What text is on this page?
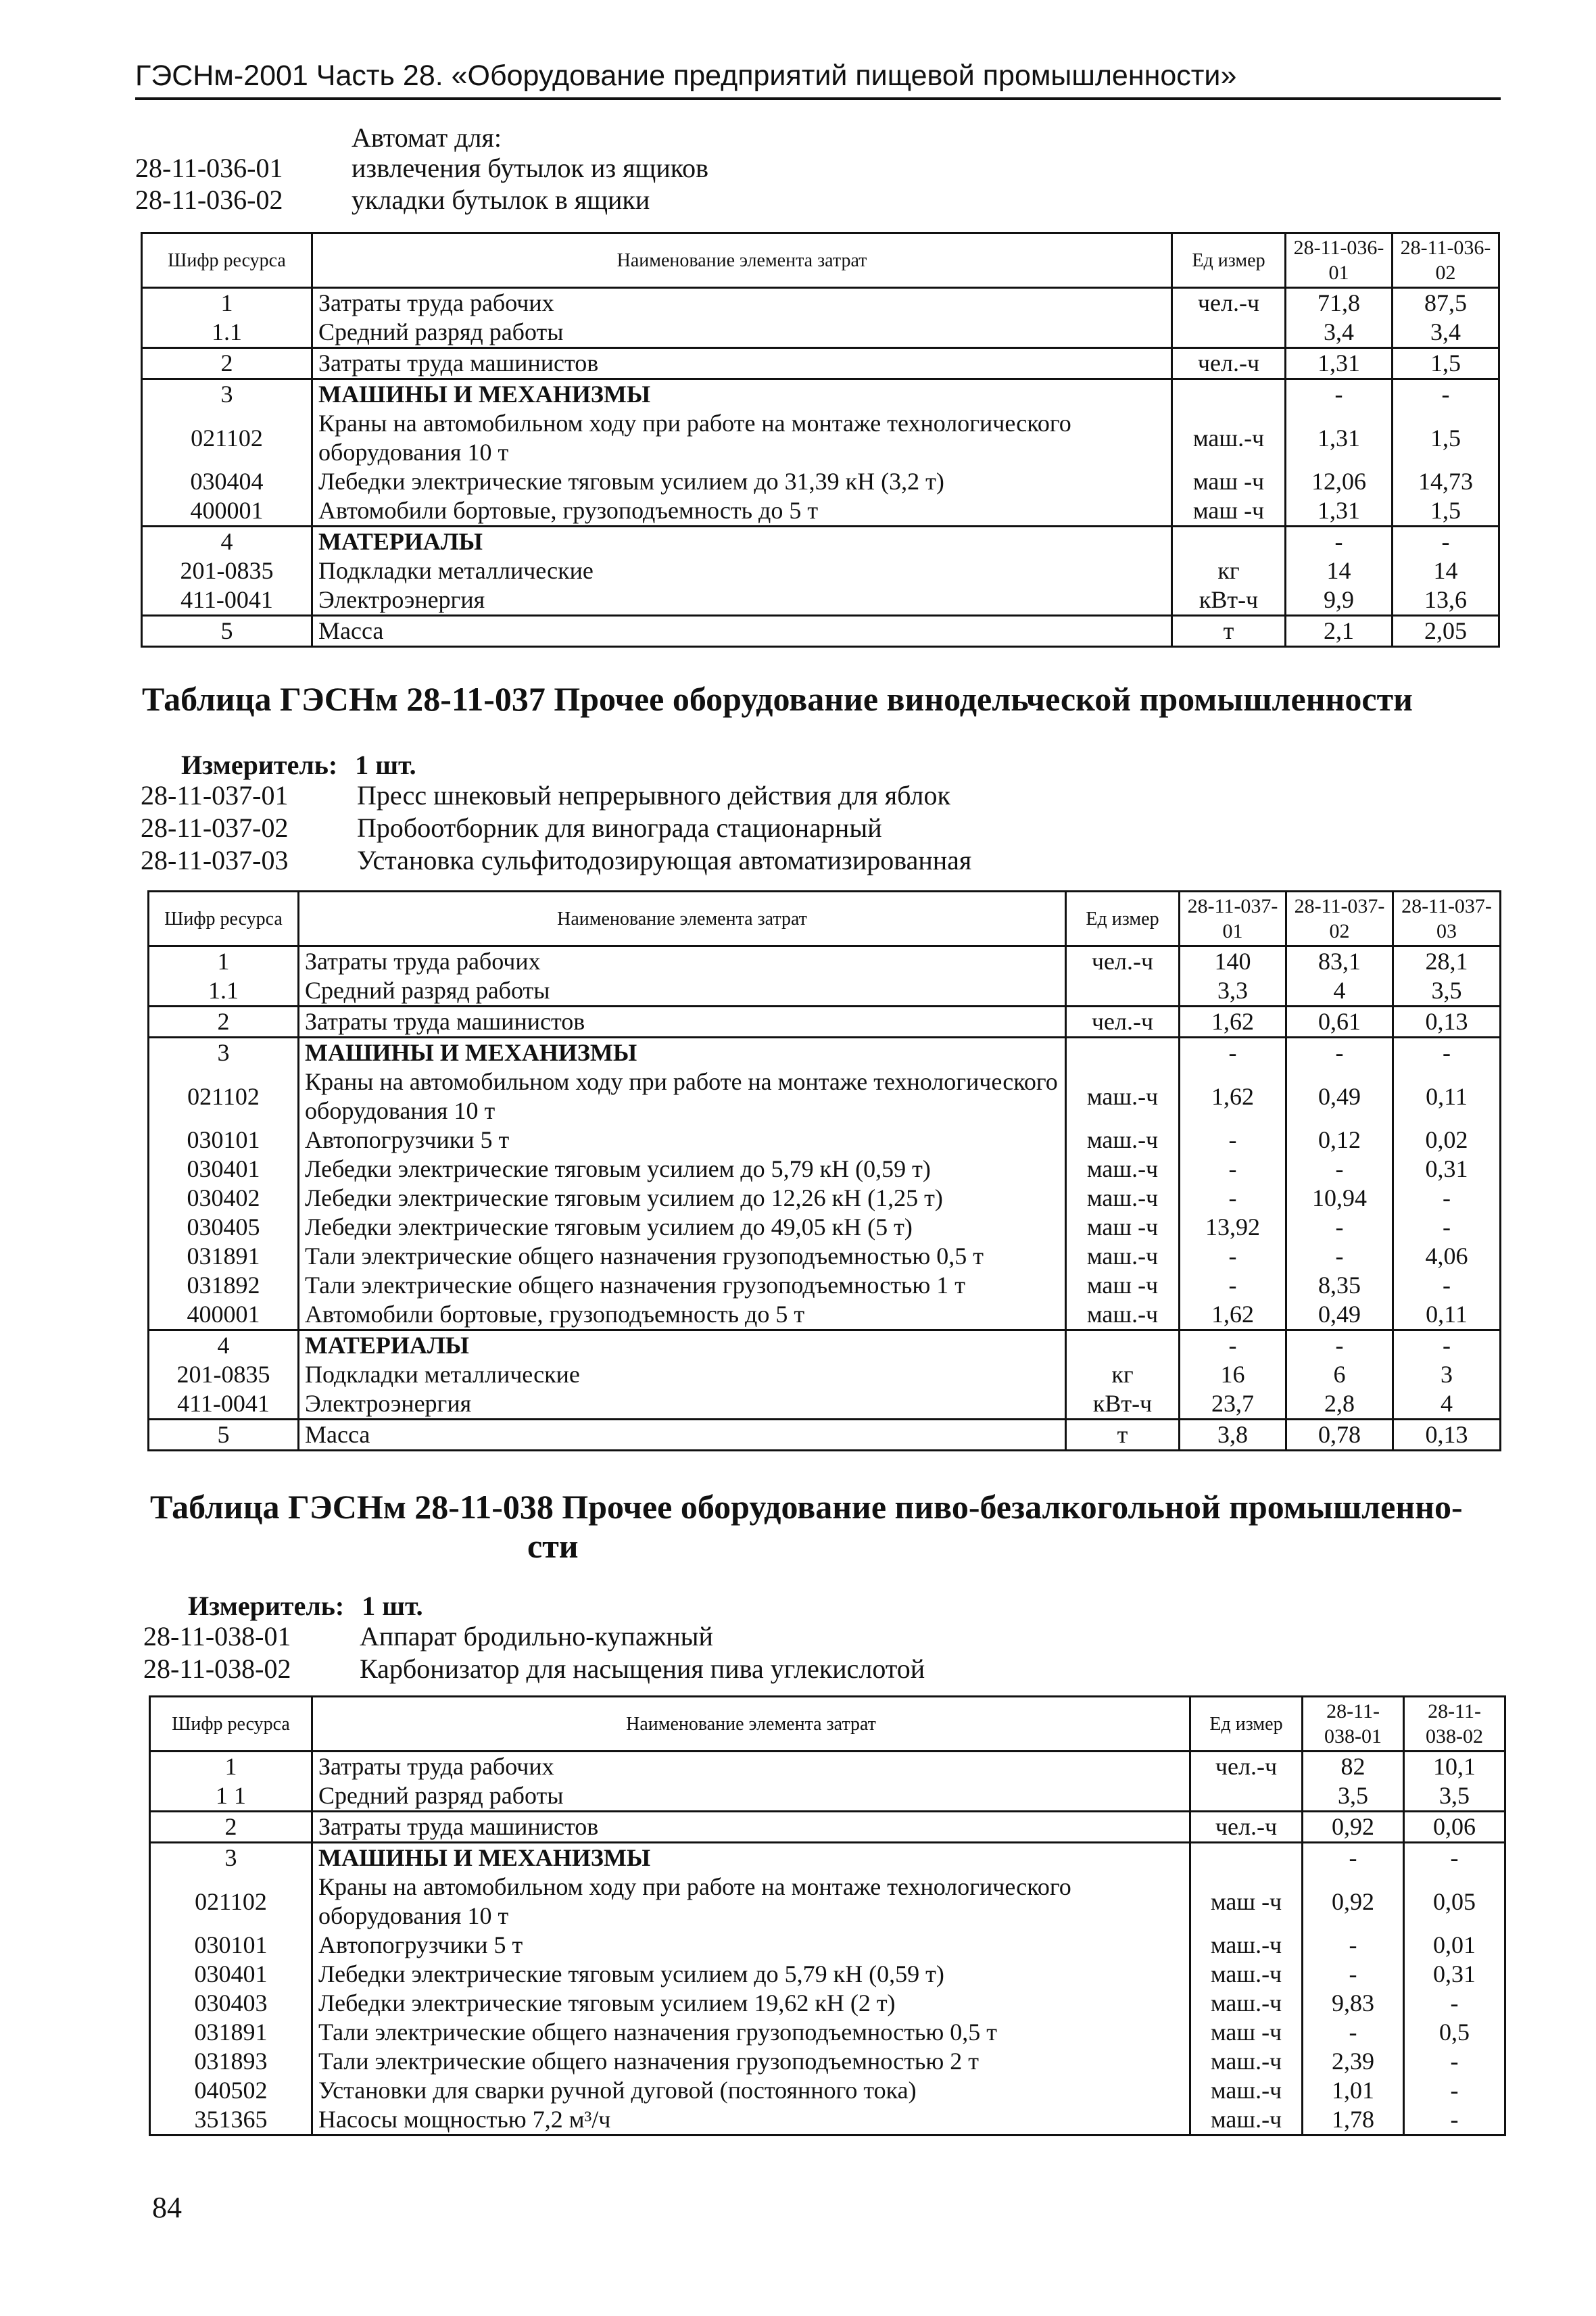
ГЭСНм-2001 Часть 28. «Оборудование предприятий пищевой промышленности»
Автомат для:
28-11-036-01	извлечения бутылок из ящиков
28-11-036-02	укладки бутылок в ящики
Шифр ресурса	Наименование элемента затрат	Ед измер	28-11-036-01	28-11-036-02
1	Затраты труда рабочих	чел.-ч	71,8	87,5
1.1	Средний разряд работы		3,4	3,4
2	Затраты труда машинистов	чел.-ч	1,31	1,5
3	МАШИНЫ И МЕХАНИЗМЫ		-	-
021102	Краны на автомобильном ходу при работе на монтаже технологического оборудования 10 т	маш.-ч	1,31	1,5
030404	Лебедки электрические тяговым усилием до 31,39 кН (3,2 т)	маш -ч	12,06	14,73
400001	Автомобили бортовые, грузоподъемность до 5 т	маш -ч	1,31	1,5
4	МАТЕРИАЛЫ		-	-
201-0835	Подкладки металлические	кг	14	14
411-0041	Электроэнергия	кВт-ч	9,9	13,6
5	Масса	т	2,1	2,05
Таблица ГЭСНм 28-11-037 Прочее оборудование винодельческой промышленности
Измеритель: 1 шт.
28-11-037-01	Пресс шнековый непрерывного действия для яблок
28-11-037-02	Пробоотборник для винограда стационарный
28-11-037-03	Установка сульфитодозирующая автоматизированная
Шифр ресурса	Наименование элемента затрат	Ед измер	28-11-037-01	28-11-037-02	28-11-037-03
1	Затраты труда рабочих	чел.-ч	140	83,1	28,1
1.1	Средний разряд работы		3,3	4	3,5
2	Затраты труда машинистов	чел.-ч	1,62	0,61	0,13
3	МАШИНЫ И МЕХАНИЗМЫ		-	-	-
021102	Краны на автомобильном ходу при работе на монтаже технологического оборудования 10 т	маш.-ч	1,62	0,49	0,11
030101	Автопогрузчики 5 т	маш.-ч	-	0,12	0,02
030401	Лебедки электрические тяговым усилием до 5,79 кН (0,59 т)	маш.-ч	-	-	0,31
030402	Лебедки электрические тяговым усилием до 12,26 кН (1,25 т)	маш.-ч	-	10,94	-
030405	Лебедки электрические тяговым усилием до 49,05 кН (5 т)	маш -ч	13,92	-	-
031891	Тали электрические общего назначения грузоподъемностью 0,5 т	маш.-ч	-	-	4,06
031892	Тали электрические общего назначения грузоподъемностью 1 т	маш -ч	-	8,35	-
400001	Автомобили бортовые, грузоподъемность до 5 т	маш.-ч	1,62	0,49	0,11
4	МАТЕРИАЛЫ		-	-	-
201-0835	Подкладки металлические	кг	16	6	3
411-0041	Электроэнергия	кВт-ч	23,7	2,8	4
5	Масса	т	3,8	0,78	0,13
Таблица ГЭСНм 28-11-038 Прочее оборудование пиво-безалкогольной промышленно-
сти
Измеритель: 1 шт.
28-11-038-01	Аппарат бродильно-купажный
28-11-038-02	Карбонизатор для насыщения пива углекислотой
Шифр ресурса	Наименование элемента затрат	Ед измер	28-11-038-01	28-11-038-02
1	Затраты труда рабочих	чел.-ч	82	10,1
1 1	Средний разряд работы		3,5	3,5
2	Затраты труда машинистов	чел.-ч	0,92	0,06
3	МАШИНЫ И МЕХАНИЗМЫ		-	-
021102	Краны на автомобильном ходу при работе на монтаже технологического оборудования 10 т	маш -ч	0,92	0,05
030101	Автопогрузчики 5 т	маш.-ч	-	0,01
030401	Лебедки электрические тяговым усилием до 5,79 кН (0,59 т)	маш.-ч	-	0,31
030403	Лебедки электрические тяговым усилием 19,62 кН (2 т)	маш.-ч	9,83	-
031891	Тали электрические общего назначения грузоподъемностью 0,5 т	маш -ч	-	0,5
031893	Тали электрические общего назначения грузоподъемностью 2 т	маш.-ч	2,39	-
040502	Установки для сварки ручной дуговой (постоянного тока)	маш.-ч	1,01	-
351365	Насосы мощностью 7,2 м³/ч	маш.-ч	1,78	-
84
